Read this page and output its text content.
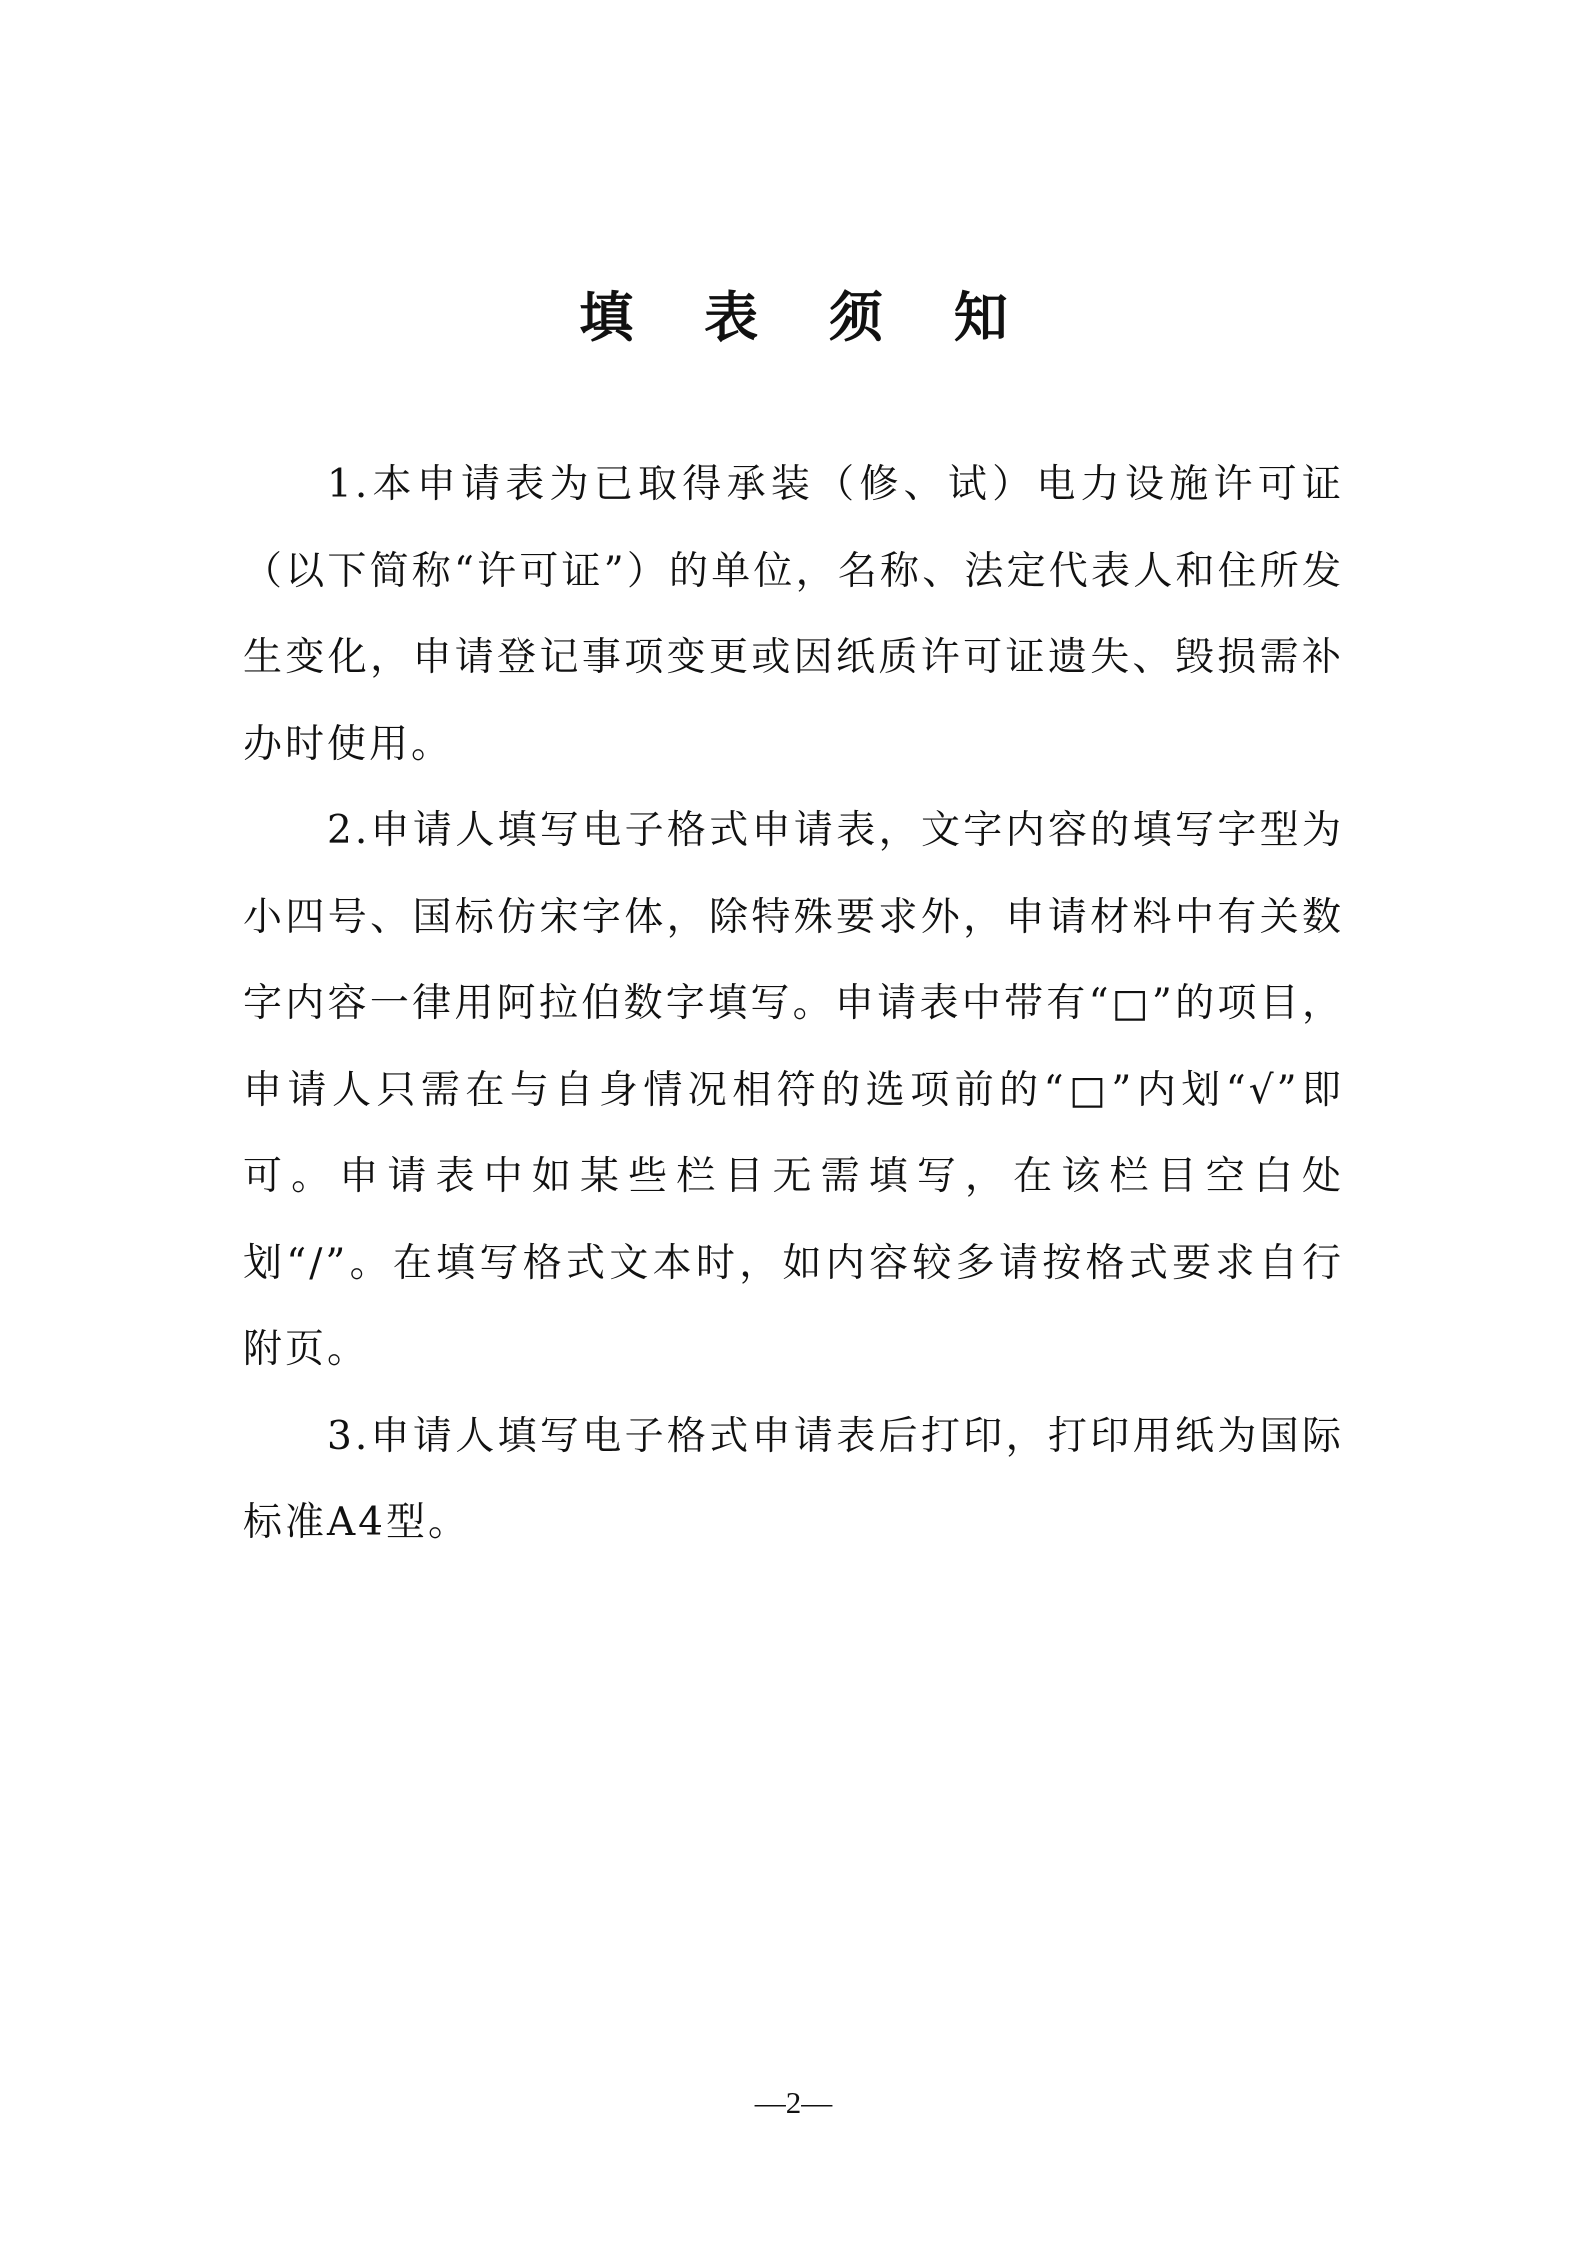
填 表 须 知

1.本申请表为已取得承装（修、试）电力设施许可证（以下简称“许可证”）的单位，名称、法定代表人和住所发生变化，申请登记事项变更或因纸质许可证遗失、毁损需补办时使用。

2.申请人填写电子格式申请表，文字内容的填写字型为小四号、国标仿宋字体，除特殊要求外，申请材料中有关数字内容一律用阿拉伯数字填写。申请表中带有“□”的项目，申请人只需在与自身情况相符的选项前的“□”内划“√”即可。申请表中如某些栏目无需填写，在该栏目空白处划“/”。在填写格式文本时，如内容较多请按格式要求自行附页。

3.申请人填写电子格式申请表后打印，打印用纸为国际标准A4型。

—2—
